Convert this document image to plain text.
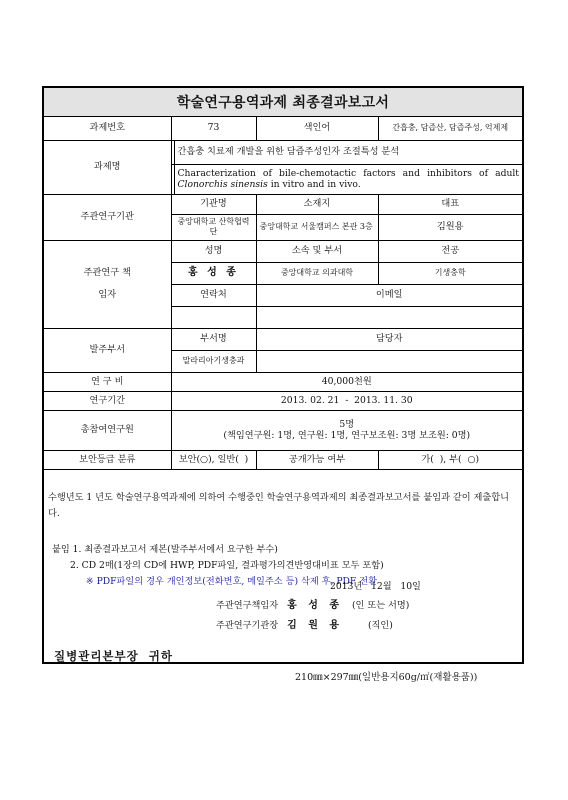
학술연구용역과제 최종결과보고서
과제번호	73		색인어	간흡충, 담즙산, 담즙주성, 억제제
과제명		간흡충 치료제 개발을 위한 담즙주성인자 조절특성 분석		
	Characterization of bile-chemotactic factors and inhibitors of adult Clonorchis sinensis in vitro and in vivo.		
주관연구기관	기관명		소재지	대표
	중앙대학교 산학협력단		중앙대학교 서울캠퍼스 본관 3층	김원용
주관연구 책임자	성명		소속 및 부서	전공
	홍 성 종		중앙대학교 의과대학	기생충학
	연락처		이메일	

발주부서	부서명		담당자	
	말라리아기생충과			
연 구 비	40,000천원			
연구기간	2013. 02. 21  -  2013. 11. 30			
총참여연구원	5명
(책임연구원: 1명, 연구원: 1명, 연구보조원: 3명 보조원: 0명)			

보안등급 분류	보안(○), 일반(  )		공개가능 여부	가(  ), 부(  ○)
수행년도 1 년도 학술연구용역과제에 의하여 수행중인 학술연구용역과제의 최종결과보고서를 붙임과 같이 제출합니다.
붙임 1. 최종결과보고서 제본(발주부서에서 요구한 부수)
2. CD 2매(1장의 CD에 HWP, PDF파일, 결과평가의견반영대비표 모두 포함)
※ PDF파일의 경우 개인정보(전화번호, 메일주소 등) 삭제 후, PDF 전환
2013년   12월   10일
주관연구책임자 홍 성 종 (인 또는 서명)
주관연구기관장 김 원 용	(직인)
질병관리본부장  귀하
210㎜×297㎜(일반용지60g/㎡(재활용품))
